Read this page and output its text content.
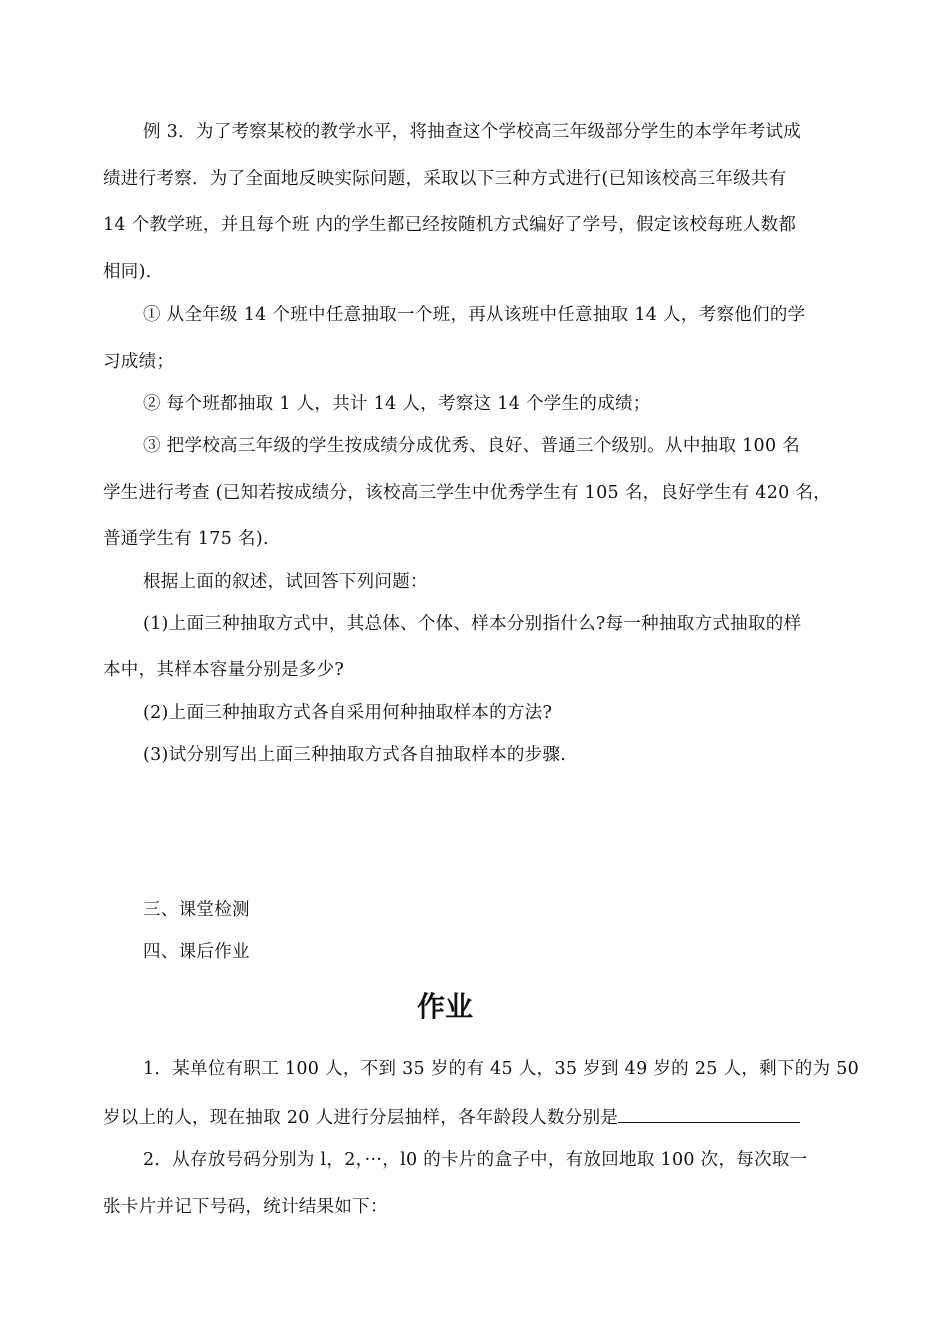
例 3．为了考察某校的教学水平，将抽查这个学校高三年级部分学生的本学年考试成
绩进行考察．为了全面地反映实际问题，采取以下三种方式进行(已知该校高三年级共有
14 个教学班，并且每个班 内的学生都已经按随机方式编好了学号，假定该校每班人数都
相同)．
① 从全年级 14 个班中任意抽取一个班，再从该班中任意抽取 14 人，考察他们的学
习成绩；
② 每个班都抽取 1 人，共计 14 人，考察这 14 个学生的成绩；
③ 把学校高三年级的学生按成绩分成优秀、良好、普通三个级别。从中抽取 100 名
学生进行考查 (已知若按成绩分，该校高三学生中优秀学生有 105 名，良好学生有 420 名，
普通学生有 175 名).
根据上面的叙述，试回答下列问题：
(1)上面三种抽取方式中，其总体、个体、样本分别指什么?每一种抽取方式抽取的样
本中，其样本容量分别是多少?
(2)上面三种抽取方式各自采用何种抽取样本的方法?
(3)试分别写出上面三种抽取方式各自抽取样本的步骤.
三、课堂检测
四、课后作业
作业
1．某单位有职工 100 人，不到 35 岁的有 45 人，35 岁到 49 岁的 25 人，剩下的为 50
岁以上的人，现在抽取 20 人进行分层抽样，各年龄段人数分别是
2．从存放号码分别为 l，2，···，l0 的卡片的盒子中，有放回地取 100 次，每次取一
张卡片并记下号码，统计结果如下：
